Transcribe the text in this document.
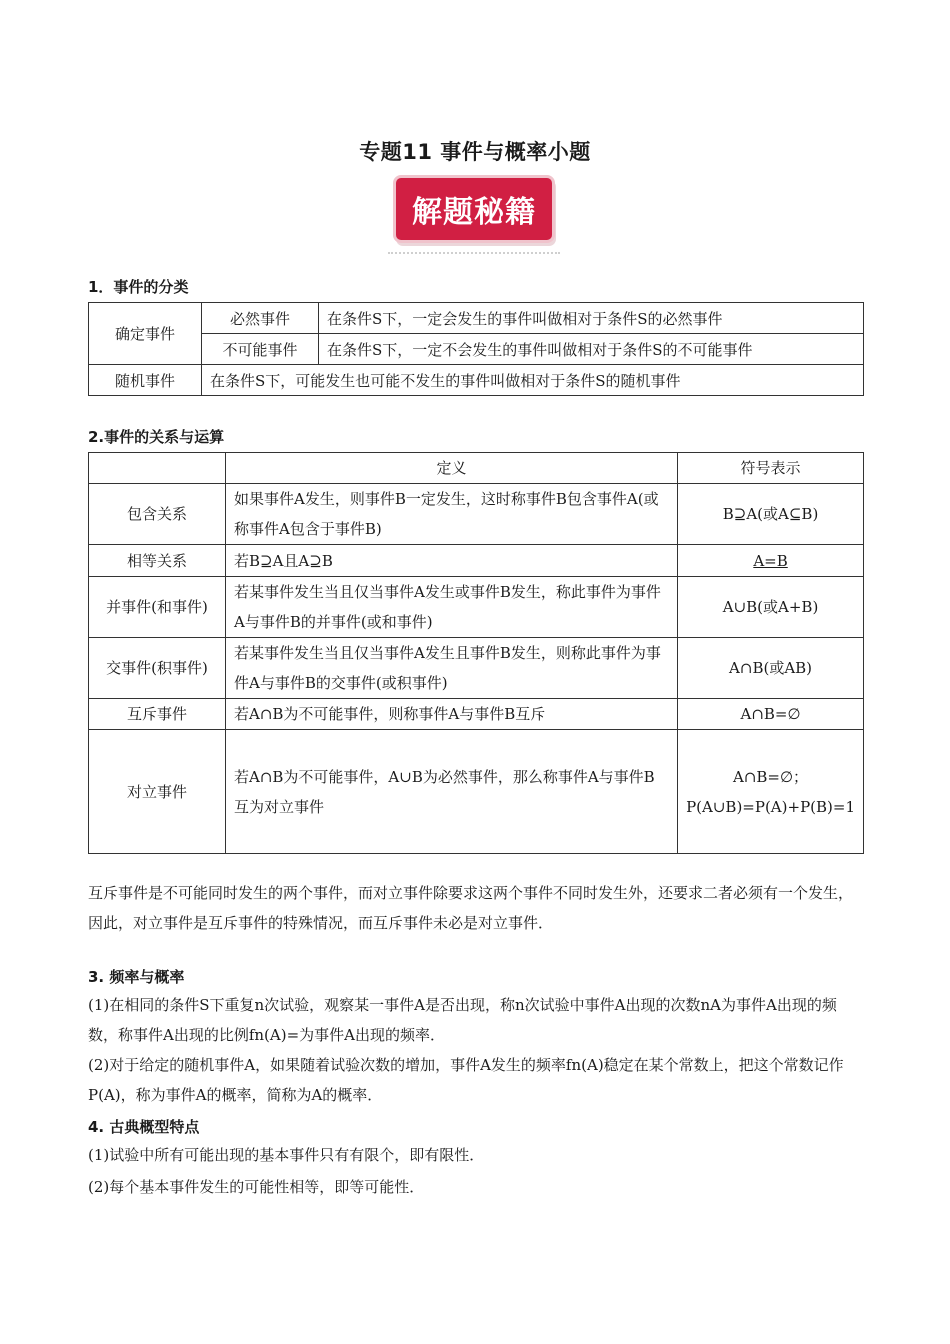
专题11 事件与概率小题
解题秘籍
1．事件的分类
确定事件	必然事件	在条件S下，一定会发生的事件叫做相对于条件S的必然事件
	不可能事件	在条件S下，一定不会发生的事件叫做相对于条件S的不可能事件
随机事件	在条件S下，可能发生也可能不发生的事件叫做相对于条件S的随机事件	
2.事件的关系与运算
	定义	符号表示
包含关系	如果事件A发生，则事件B一定发生，这时称事件B包含事件A(或称事件A包含于事件B)	B⊇A(或A⊆B)
相等关系	若B⊇A且A⊇B	A=B
并事件(和事件)	若某事件发生当且仅当事件A发生或事件B发生，称此事件为事件A与事件B的并事件(或和事件)	A∪B(或A+B)
交事件(积事件)	若某事件发生当且仅当事件A发生且事件B发生，则称此事件为事件A与事件B的交事件(或积事件)	A∩B(或AB)
互斥事件	若A∩B为不可能事件，则称事件A与事件B互斥	A∩B=∅
对立事件	若A∩B为不可能事件，A∪B为必然事件，那么称事件A与事件B互为对立事件	A∩B=∅；P(A∪B)=P(A)+P(B)=1
互斥事件是不可能同时发生的两个事件，而对立事件除要求这两个事件不同时发生外，还要求二者必须有一个发生，因此，对立事件是互斥事件的特殊情况，而互斥事件未必是对立事件．
3. 频率与概率
(1)在相同的条件S下重复n次试验，观察某一事件A是否出现，称n次试验中事件A出现的次数nA为事件A出现的频数，称事件A出现的比例fn(A)=为事件A出现的频率．
(2)对于给定的随机事件A，如果随着试验次数的增加，事件A发生的频率fn(A)稳定在某个常数上，把这个常数记作P(A)，称为事件A的概率，简称为A的概率．
4. 古典概型特点
(1)试验中所有可能出现的基本事件只有有限个，即有限性．
(2)每个基本事件发生的可能性相等，即等可能性．
